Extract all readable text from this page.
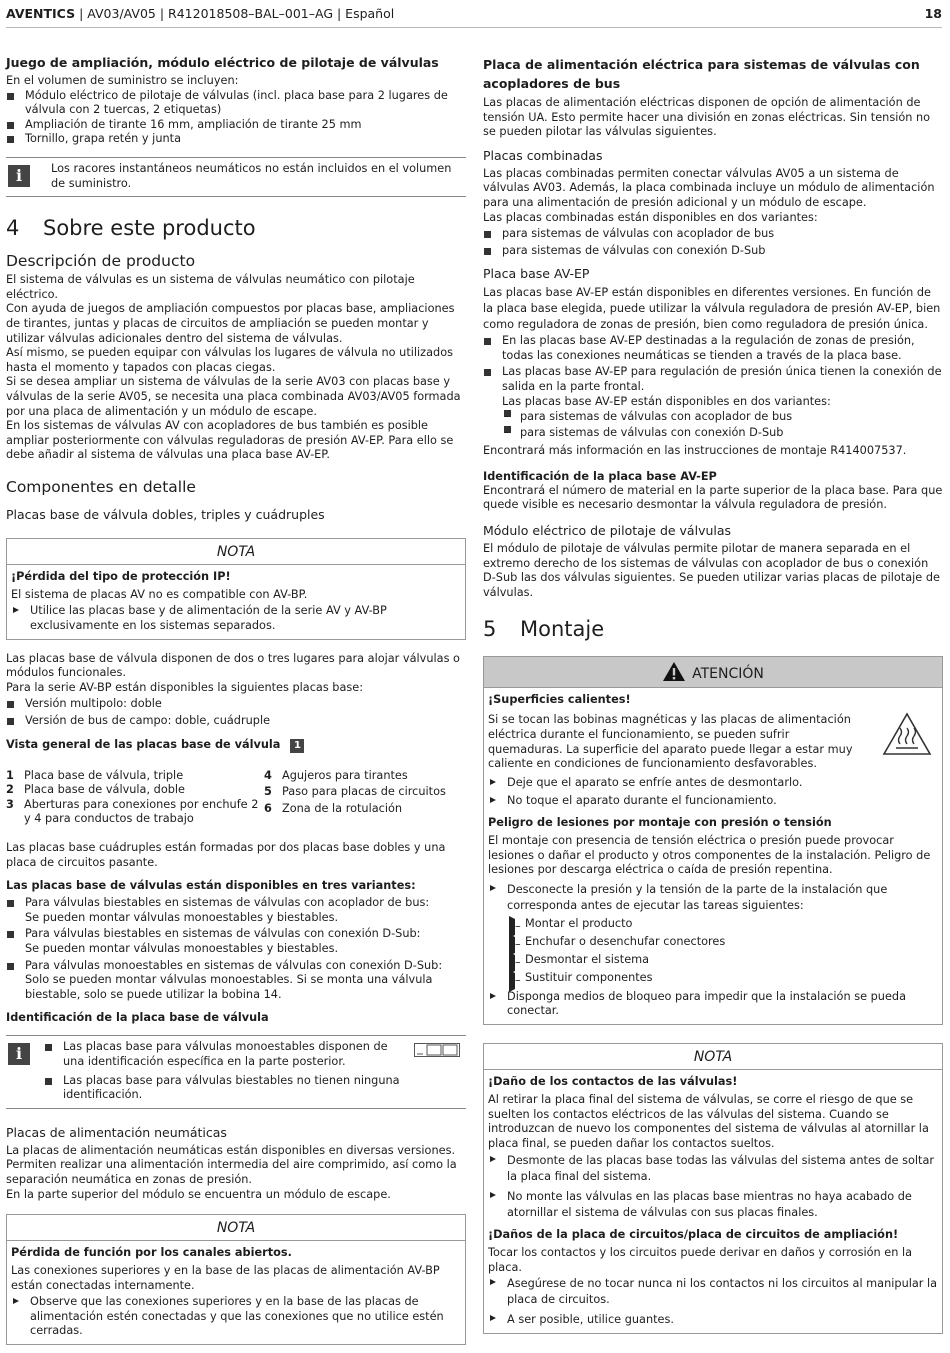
AVENTICS | AV03/AV05 | R412018508–BAL–001–AG | Español	18
Juego de ampliación, módulo eléctrico de pilotaje de válvulas

En el volumen de suministro se incluyen:

Módulo eléctrico de pilotaje de válvulas (incl. placa base para 2 lugares de válvula con 2 tuercas, 2 etiquetas)
Ampliación de tirante 16 mm, ampliación de tirante 25 mm
Tornillo, grapa retén y junta
i	Los racores instantáneos neumáticos no están incluidos en el volumen de suministro.

4 Sobre este producto
Descripción de producto

El sistema de válvulas es un sistema de válvulas neumático con pilotaje eléctrico.

Con ayuda de juegos de ampliación compuestos por placas base, ampliaciones de tirantes, juntas y placas de circuitos de ampliación se pueden montar y utilizar válvulas adicionales dentro del sistema de válvulas.

Así mismo, se pueden equipar con válvulas los lugares de válvula no utilizados hasta el momento y tapados con placas ciegas.

Si se desea ampliar un sistema de válvulas de la serie AV03 con placas base y válvulas de la serie AV05, se necesita una placa combinada AV03/AV05 formada por una placa de alimentación y un módulo de escape.

En los sistemas de válvulas AV con acopladores de bus también es posible ampliar posteriormente con válvulas reguladoras de presión AV-EP. Para ello se debe añadir al sistema de válvulas una placa base AV-EP.

Componentes en detalle
Placas base de válvula dobles, triples y cuádruples
NOTA

¡Pérdida del tipo de protección IP!

El sistema de placas AV no es compatible con AV-BP.

Utilice las placas base y de alimentación de la serie AV y AV-BP exclusivamente en los sistemas separados.

Las placas base de válvula disponen de dos o tres lugares para alojar válvulas o módulos funcionales.

Para la serie AV-BP están disponibles la siguientes placas base:

Versión multipolo: doble
Versión de bus de campo: doble, cuádruple

Vista general de las placas base de válvula 1

1 Placa base de válvula, triple
2 Placa base de válvula, doble
3 Aberturas para conexiones por enchufe 2 y 4 para conductos de trabajo
4 Agujeros para tirantes
5 Paso para placas de circuitos
6 Zona de la rotulación

Las placas base cuádruples están formadas por dos placas base dobles y una placa de circuitos pasante.

Las placas base de válvulas están disponibles en tres variantes:

Para válvulas biestables en sistemas de válvulas con acoplador de bus:
Se pueden montar válvulas monoestables y biestables.
Para válvulas biestables en sistemas de válvulas con conexión D-Sub:
Se pueden montar válvulas monoestables y biestables.
Para válvulas monoestables en sistemas de válvulas con conexión D-Sub:
Solo se pueden montar válvulas monoestables. Si se monta una válvula biestable, solo se puede utilizar la bobina 14.

Identificación de la placa base de válvula

i	Las placas base para válvulas monoestables disponen de una identificación específica en la parte posterior.
Las placas base para válvulas biestables no tienen ninguna identificación.
Placas de alimentación neumáticas

La placas de alimentación neumáticas están disponibles en diversas versiones. Permiten realizar una alimentación intermedia del aire comprimido, así como la separación neumática en zonas de presión.

En la parte superior del módulo se encuentra un módulo de escape.

NOTA

Pérdida de función por los canales abiertos.

Las conexiones superiores y en la base de las placas de alimentación AV-BP están conectadas internamente.

Observe que las conexiones superiores y en la base de las placas de alimentación estén conectadas y que las conexiones que no utilice estén cerradas.
Placa de alimentación eléctrica para sistemas de válvulas con acopladores de bus

Las placas de alimentación eléctricas disponen de opción de alimentación de tensión UA. Esto permite hacer una división en zonas eléctricas. Sin tensión no se pueden pilotar las válvulas siguientes.

Placas combinadas

Las placas combinadas permiten conectar válvulas AV05 a un sistema de válvulas AV03. Además, la placa combinada incluye un módulo de alimentación para una alimentación de presión adicional y un módulo de escape.

Las placas combinadas están disponibles en dos variantes:

para sistemas de válvulas con acoplador de bus
para sistemas de válvulas con conexión D-Sub
Placa base AV-EP

Las placas base AV-EP están disponibles en diferentes versiones. En función de la placa base elegida, puede utilizar la válvula reguladora de presión AV-EP, bien como reguladora de zonas de presión, bien como reguladora de presión única.

En las placas base AV-EP destinadas a la regulación de zonas de presión, todas las conexiones neumáticas se tienden a través de la placa base.
Las placas base AV-EP para regulación de presión única tienen la conexión de salida en la parte frontal.
Las placas base AV-EP están disponibles en dos variantes:
– para sistemas de válvulas con acoplador de bus
– para sistemas de válvulas con conexión D-Sub

Encontrará más información en las instrucciones de montaje R414007537.

Identificación de la placa base AV-EP

Encontrará el número de material en la parte superior de la placa base. Para que quede visible es necesario desmontar la válvula reguladora de presión.

Módulo eléctrico de pilotaje de válvulas

El módulo de pilotaje de válvulas permite pilotar de manera separada en el extremo derecho de los sistemas de válvulas con acoplador de bus o conexión D-Sub las dos válvulas siguientes. Se pueden utilizar varias placas de pilotaje de válvulas.

5 Montaje
ATENCIÓN

¡Superficies calientes!

Si se tocan las bobinas magnéticas y las placas de alimentación eléctrica durante el funcionamiento, se pueden sufrir quemaduras. La superficie del aparato puede llegar a estar muy caliente en condiciones de funcionamiento desfavorables.

Deje que el aparato se enfríe antes de desmontarlo.
No toque el aparato durante el funcionamiento.

Peligro de lesiones por montaje con presión o tensión

El montaje con presencia de tensión eléctrica o presión puede provocar lesiones o dañar el producto y otros componentes de la instalación. Peligro de lesiones por descarga eléctrica o caída de presión repentina.

Desconecte la presión y la tensión de la parte de la instalación que corresponda antes de ejecutar las tareas siguientes:
– Montar el producto
– Enchufar o desenchufar conectores
– Desmontar el sistema
– Sustituir componentes
Disponga medios de bloqueo para impedir que la instalación se pueda conectar.
NOTA

¡Daño de los contactos de las válvulas!

Al retirar la placa final del sistema de válvulas, se corre el riesgo de que se suelten los contactos eléctricos de las válvulas del sistema. Cuando se introduzcan de nuevo los componentes del sistema de válvulas al atornillar la placa final, se pueden dañar los contactos sueltos.

Desmonte de las placas base todas las válvulas del sistema antes de soltar la placa final del sistema.
No monte las válvulas en las placas base mientras no haya acabado de atornillar el sistema de válvulas con sus placas finales.

¡Daños de la placa de circuitos/placa de circuitos de ampliación!

Tocar los contactos y los circuitos puede derivar en daños y corrosión en la placa.

Asegúrese de no tocar nunca ni los contactos ni los circuitos al manipular la placa de circuitos.
A ser posible, utilice guantes.
